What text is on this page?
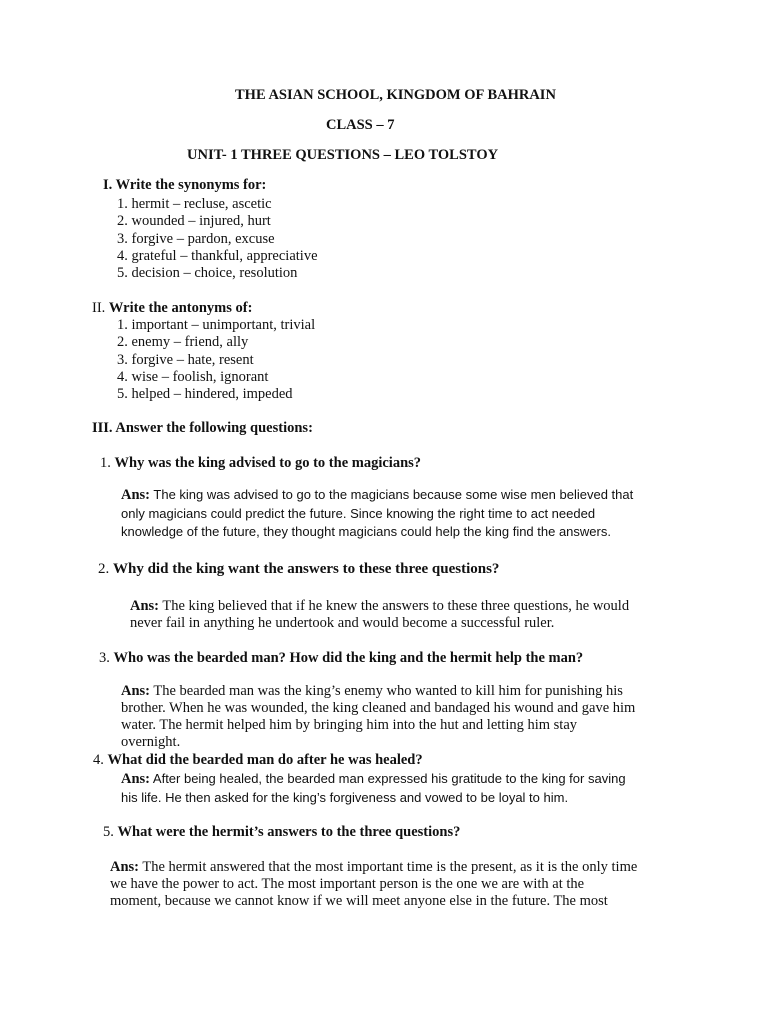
THE ASIAN SCHOOL, KINGDOM OF BAHRAIN
CLASS – 7
UNIT- 1 THREE QUESTIONS – LEO TOLSTOY
I. Write the synonyms for:
1. hermit – recluse, ascetic
2. wounded – injured, hurt
3. forgive – pardon, excuse
4. grateful – thankful, appreciative
5. decision – choice, resolution
II. Write the antonyms of:
1. important – unimportant, trivial
2. enemy – friend, ally
3. forgive – hate, resent
4. wise – foolish, ignorant
5. helped – hindered, impeded
III. Answer the following questions:
1. Why was the king advised to go to the magicians?
Ans: The king was advised to go to the magicians because some wise men believed that
only magicians could predict the future. Since knowing the right time to act needed
knowledge of the future, they thought magicians could help the king find the answers.
2. Why did the king want the answers to these three questions?
Ans: The king believed that if he knew the answers to these three questions, he would
never fail in anything he undertook and would become a successful ruler.
3. Who was the bearded man? How did the king and the hermit help the man?
Ans: The bearded man was the king’s enemy who wanted to kill him for punishing his
brother. When he was wounded, the king cleaned and bandaged his wound and gave him
water. The hermit helped him by bringing him into the hut and letting him stay
overnight.
4. What did the bearded man do after he was healed?
Ans: After being healed, the bearded man expressed his gratitude to the king for saving
his life. He then asked for the king’s forgiveness and vowed to be loyal to him.
5. What were the hermit’s answers to the three questions?
Ans: The hermit answered that the most important time is the present, as it is the only time
we have the power to act. The most important person is the one we are with at the
moment, because we cannot know if we will meet anyone else in the future. The most
